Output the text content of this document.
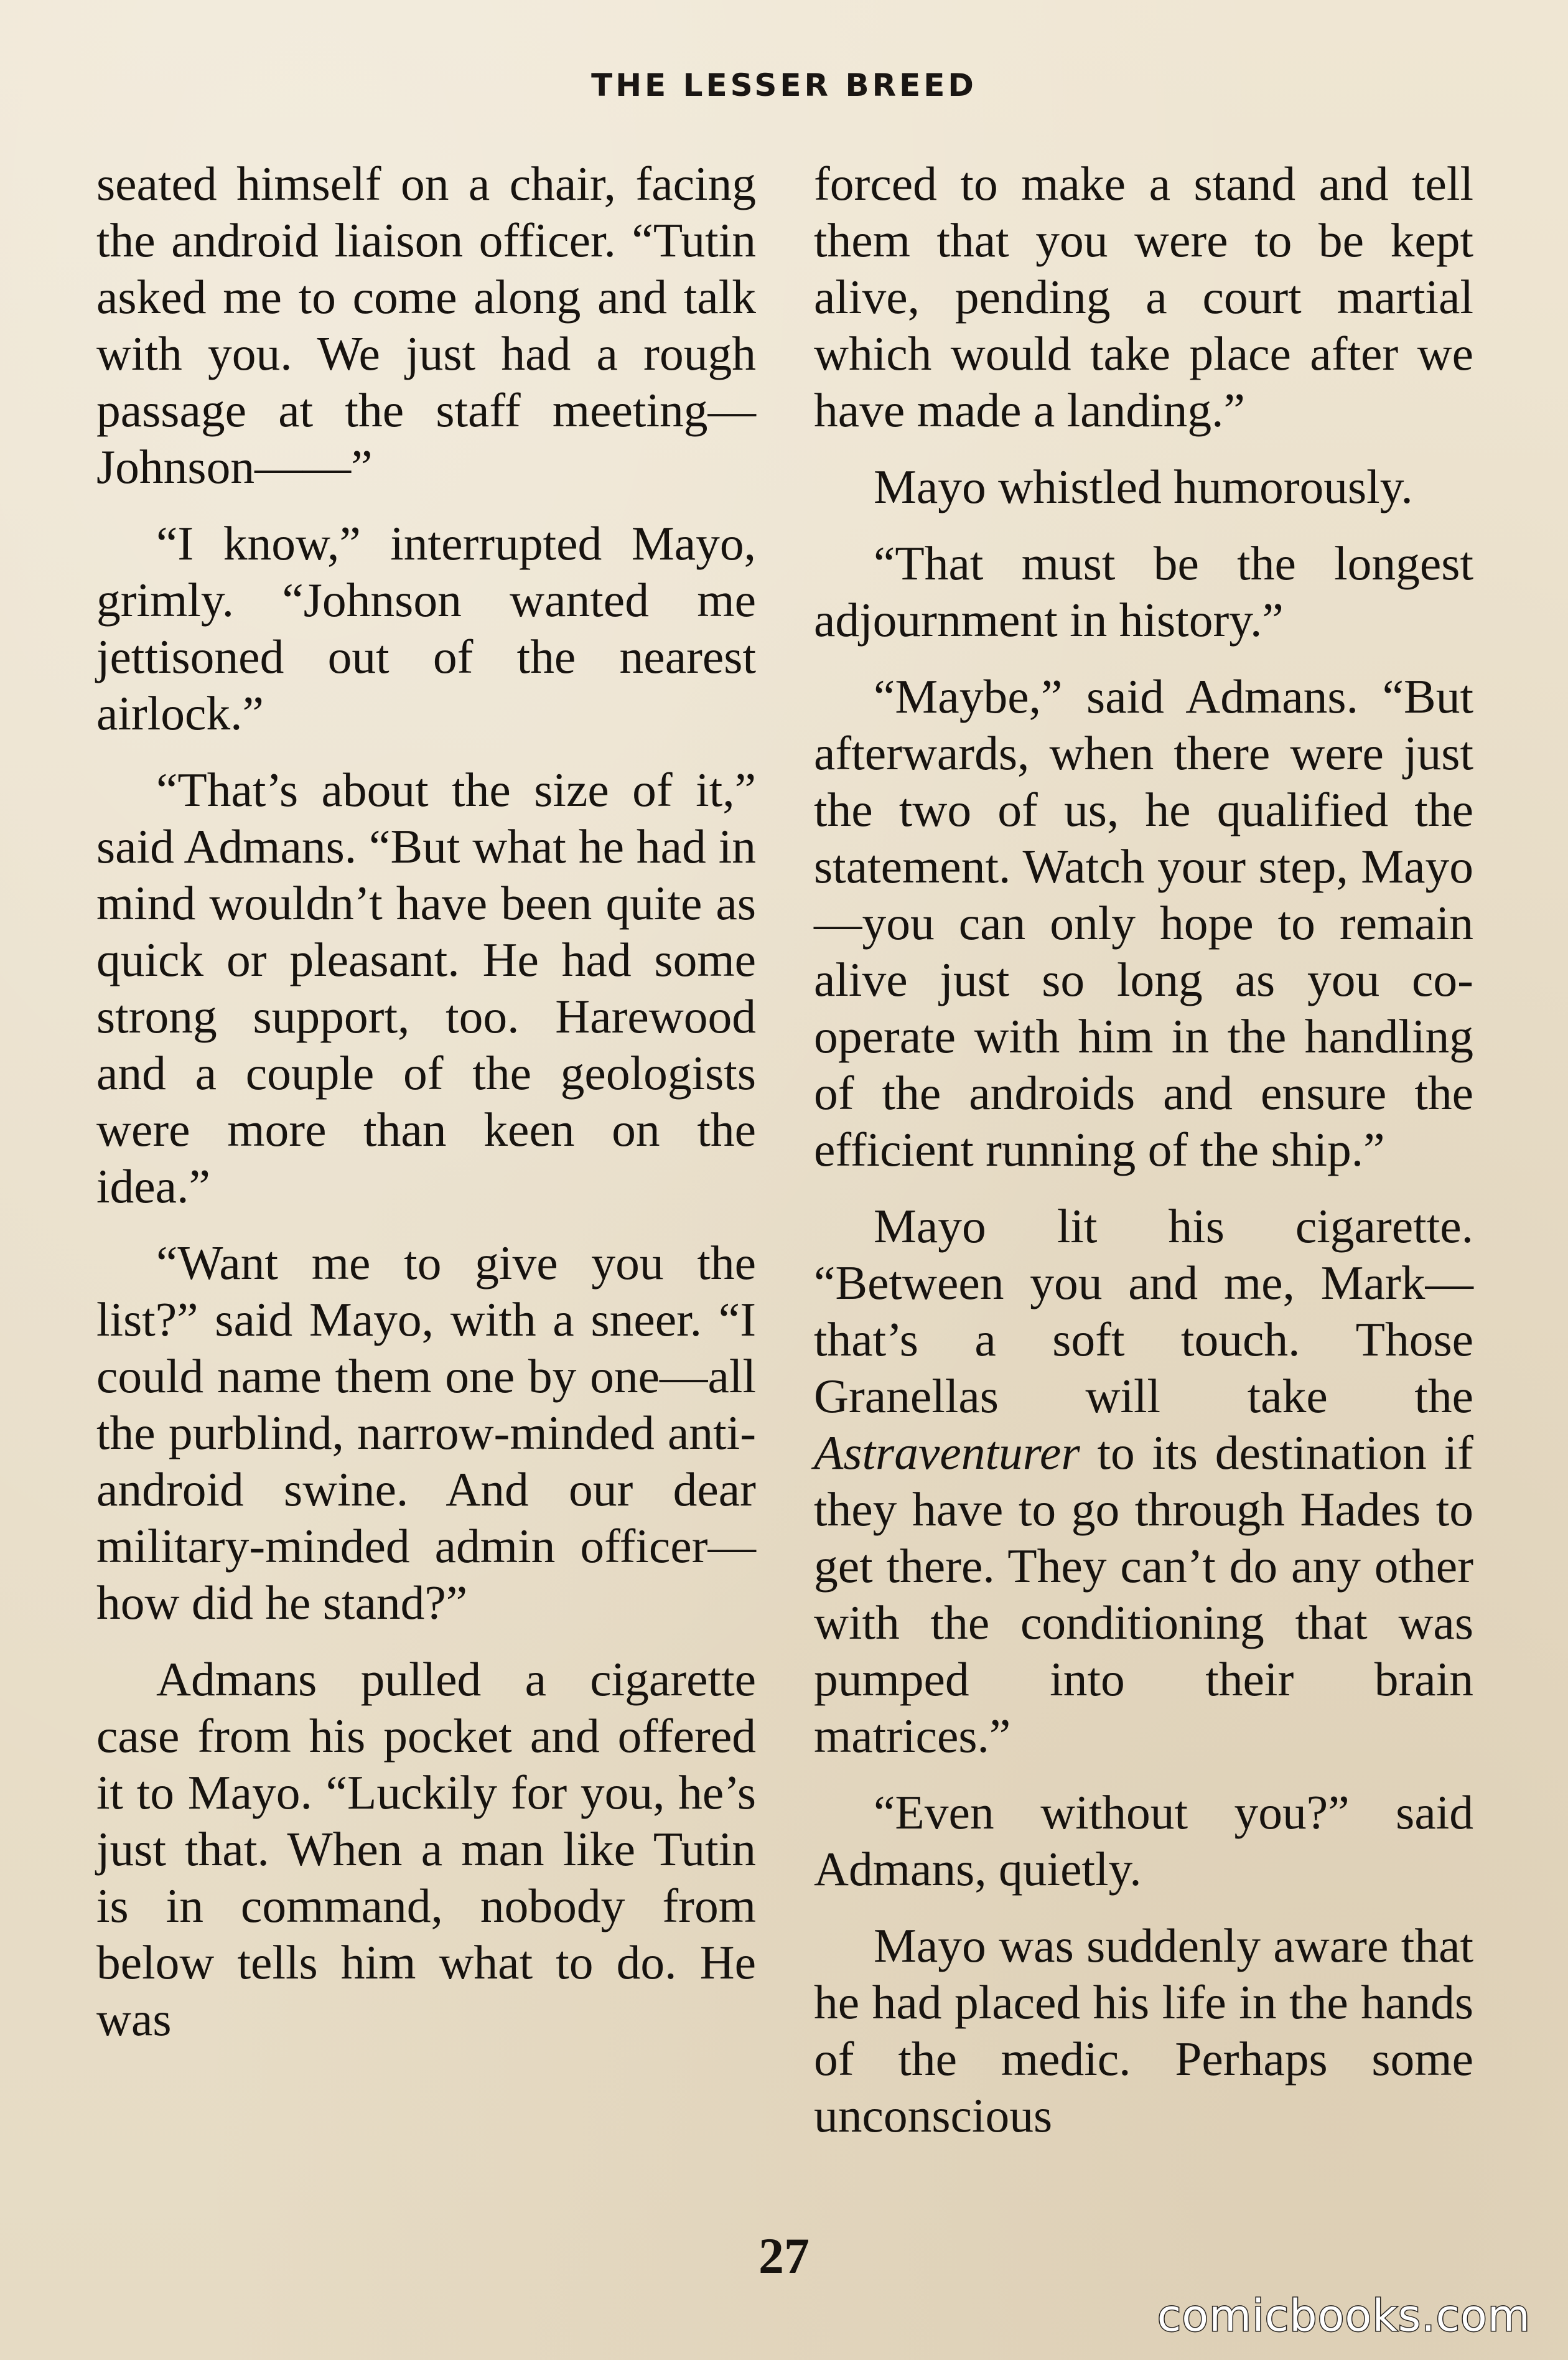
THE LESSER BREED

seated himself on a chair, facing the android liaison officer. “Tutin asked me to come along and talk with you. We just had a rough passage at the staff meeting— Johnson——”

“I know,” interrupted Mayo, grimly. “Johnson wanted me jettisoned out of the nearest airlock.”

“That’s about the size of it,” said Admans. “But what he had in mind wouldn’t have been quite as quick or pleasant. He had some strong support, too. Harewood and a couple of the geologists were more than keen on the idea.”

“Want me to give you the list?” said Mayo, with a sneer. “I could name them one by one—all the purblind, narrow-minded anti-android swine. And our dear military-minded admin officer—how did he stand?”

Admans pulled a cigarette case from his pocket and offered it to Mayo. “Luckily for you, he’s just that. When a man like Tutin is in command, nobody from below tells him what to do. He was

forced to make a stand and tell them that you were to be kept alive, pending a court martial which would take place after we have made a landing.”

Mayo whistled humorously.

“That must be the longest adjournment in history.”

“Maybe,” said Admans. “But afterwards, when there were just the two of us, he qualified the statement. Watch your step, Mayo—you can only hope to remain alive just so long as you co-operate with him in the handling of the androids and ensure the efficient running of the ship.”

Mayo lit his cigarette. “Between you and me, Mark—that’s a soft touch. Those Granellas will take the Astraventurer to its destination if they have to go through Hades to get there. They can’t do any other with the conditioning that was pumped into their brain matrices.”

“Even without you?” said Admans, quietly.

Mayo was suddenly aware that he had placed his life in the hands of the medic. Perhaps some unconscious

27
comicbooks.com
